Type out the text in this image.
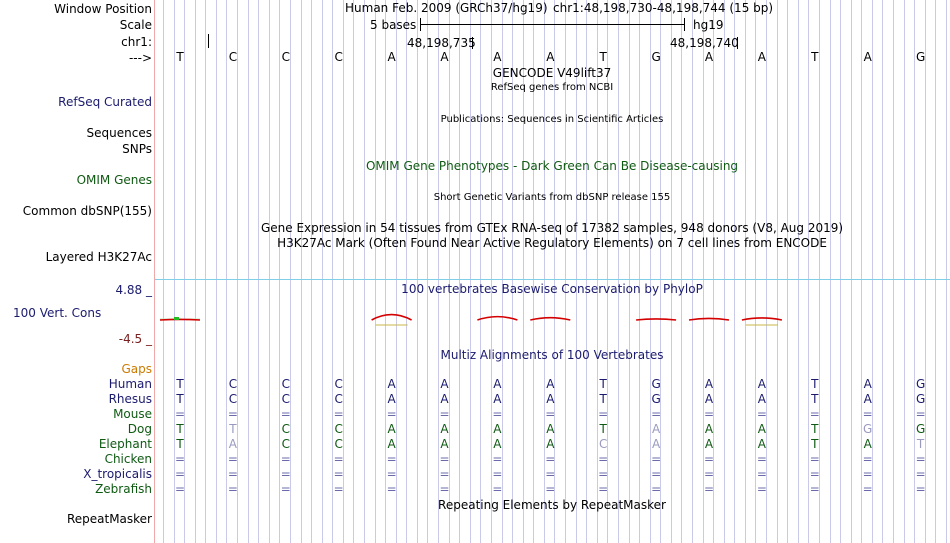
Window Position
Scale
chr1:
--->
Human Feb. 2009 (GRCh37/hg19) chr1:48,198,730-48,198,744 (15 bp)
5 bases	hg19
48,198,735	48,198,740
T	C	C	C	A	A	A	A	T	G	A	A	T	A	G
GENCODE V49lift37
RefSeq genes from NCBI
RefSeq Curated
Publications: Sequences in Scientific Articles
Sequences
SNPs
OMIM Gene Phenotypes - Dark Green Can Be Disease-causing
OMIM Genes
Short Genetic Variants from dbSNP release 155
Common dbSNP(155)
Gene Expression in 54 tissues from GTEx RNA-seq of 17382 samples, 948 donors (V8, Aug 2019)
H3K27Ac Mark (Often Found Near Active Regulatory Elements) on 7 cell lines from ENCODE
Layered H3K27Ac
100 vertebrates Basewise Conservation by PhyloP
4.88 _
100 Vert. Cons
-4.5 _
Multiz Alignments of 100 Vertebrates
Gaps
Human	T	C	C	C	A	A	A	A	T	G	A	A	T	A	G
Rhesus	T	C	C	C	A	A	A	A	T	G	A	A	T	A	G
Mouse	=	=	=	=	=	=	=	=	=	=	=	=	=	=	=
Dog	T	T	C	C	A	A	A	A	T	A	A	A	T	G	G
Elephant	T	A	C	C	A	A	A	A	C	A	A	A	T	A	T
Chicken	=	=	=	=	=	=	=	=	=	=	=	=	=	=	=
X_tropicalis	=	=	=	=	=	=	=	=	=	=	=	=	=	=	=
Zebrafish	=	=	=	=	=	=	=	=	=	=	=	=	=	=	=
Repeating Elements by RepeatMasker
RepeatMasker
